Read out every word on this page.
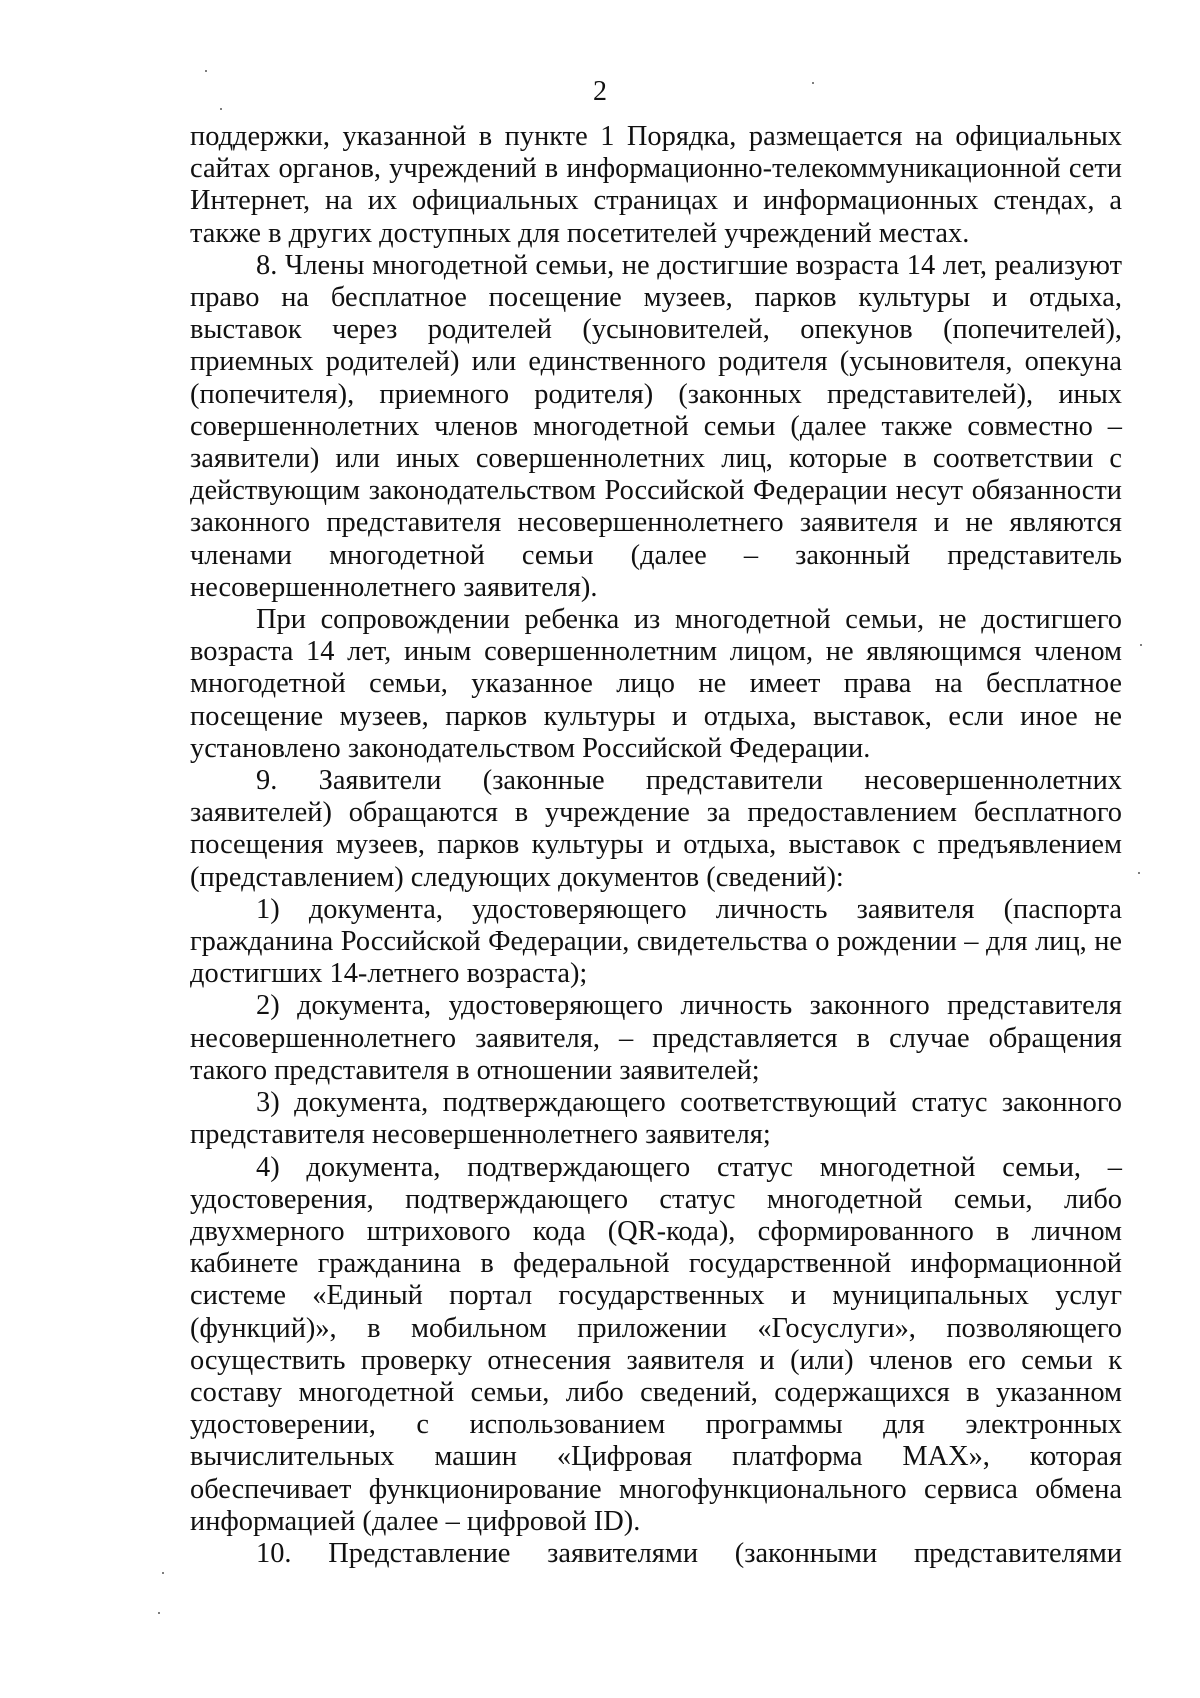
2

поддержки, указанной в пункте 1 Порядка, размещается на официальных сайтах органов, учреждений в информационно-телекоммуникационной сети Интернет, на их официальных страницах и информационных стендах, а также в других доступных для посетителей учреждений местах.

8. Члены многодетной семьи, не достигшие возраста 14 лет, реализуют право на бесплатное посещение музеев, парков культуры и отдыха, выставок через родителей (усыновителей, опекунов (попечителей), приемных родителей) или единственного родителя (усыновителя, опекуна (попечителя), приемного родителя) (законных представителей), иных совершеннолетних членов многодетной семьи (далее также совместно – заявители) или иных совершеннолетних лиц, которые в соответствии с действующим законодательством Российской Федерации несут обязанности законного представителя несовершеннолетнего заявителя и не являются членами многодетной семьи (далее – законный представитель несовершеннолетнего заявителя).

При сопровождении ребенка из многодетной семьи, не достигшего возраста 14 лет, иным совершеннолетним лицом, не являющимся членом многодетной семьи, указанное лицо не имеет права на бесплатное посещение музеев, парков культуры и отдыха, выставок, если иное не установлено законодательством Российской Федерации.

9. Заявители (законные представители несовершеннолетних заявителей) обращаются в учреждение за предоставлением бесплатного посещения музеев, парков культуры и отдыха, выставок с предъявлением (представлением) следующих документов (сведений):

1) документа, удостоверяющего личность заявителя (паспорта гражданина Российской Федерации, свидетельства о рождении – для лиц, не достигших 14-летнего возраста);

2) документа, удостоверяющего личность законного представителя несовершеннолетнего заявителя, – представляется в случае обращения такого представителя в отношении заявителей;

3) документа, подтверждающего соответствующий статус законного представителя несовершеннолетнего заявителя;

4) документа, подтверждающего статус многодетной семьи, – удостоверения, подтверждающего статус многодетной семьи, либо двухмерного штрихового кода (QR-кода), сформированного в личном кабинете гражданина в федеральной государственной информационной системе «Единый портал государственных и муниципальных услуг (функций)», в мобильном приложении «Госуслуги», позволяющего осуществить проверку отнесения заявителя и (или) членов его семьи к составу многодетной семьи, либо сведений, содержащихся в указанном удостоверении, с использованием программы для электронных вычислительных машин «Цифровая платформа MAX», которая обеспечивает функционирование многофункционального сервиса обмена информацией (далее – цифровой ID).

10. Представление заявителями (законными представителями
